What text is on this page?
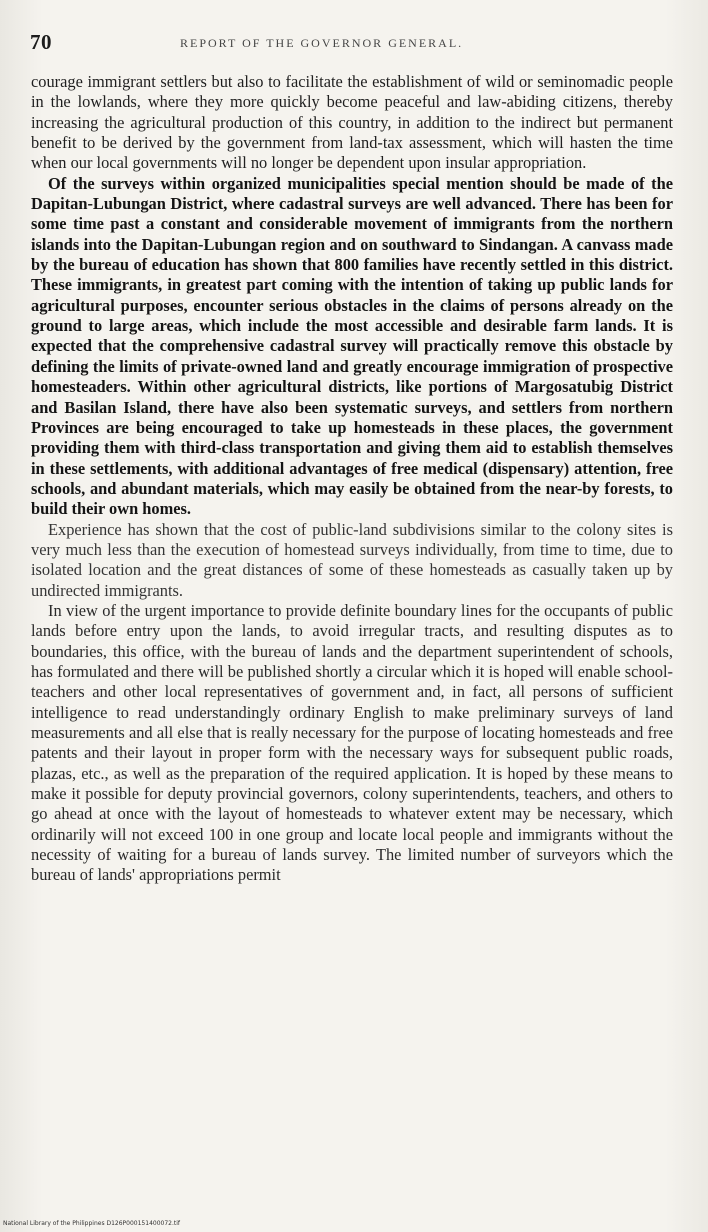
70	REPORT OF THE GOVERNOR GENERAL.

courage immigrant settlers but also to facilitate the establishment of wild or seminomadic people in the lowlands, where they more quickly become peaceful and law-abiding citizens, thereby increasing the agricultural production of this country, in addition to the indirect but permanent benefit to be derived by the government from land-tax assessment, which will hasten the time when our local governments will no longer be dependent upon insular appropriation.

Of the surveys within organized municipalities special mention should be made of the Dapitan-Lubungan District, where cadastral surveys are well advanced. There has been for some time past a constant and considerable movement of immigrants from the northern islands into the Dapitan-Lubungan region and on southward to Sindangan. A canvass made by the bureau of education has shown that 800 families have recently settled in this district. These immigrants, in greatest part coming with the intention of taking up public lands for agricultural purposes, encounter serious obstacles in the claims of persons already on the ground to large areas, which include the most accessible and desirable farm lands. It is expected that the comprehensive cadastral survey will practically remove this obstacle by defining the limits of private-owned land and greatly encourage immigration of prospective homesteaders. Within other agricultural districts, like portions of Margosatubig District and Basilan Island, there have also been systematic surveys, and settlers from northern Provinces are being encouraged to take up homesteads in these places, the government providing them with third-class transportation and giving them aid to establish themselves in these settlements, with additional advantages of free medical (dispensary) attention, free schools, and abundant materials, which may easily be obtained from the near-by forests, to build their own homes.

Experience has shown that the cost of public-land subdivisions similar to the colony sites is very much less than the execution of homestead surveys individually, from time to time, due to isolated location and the great distances of some of these homesteads as casually taken up by undirected immigrants.

In view of the urgent importance to provide definite boundary lines for the occupants of public lands before entry upon the lands, to avoid irregular tracts, and resulting disputes as to boundaries, this office, with the bureau of lands and the department superintendent of schools, has formulated and there will be published shortly a circular which it is hoped will enable school-teachers and other local representatives of government and, in fact, all persons of sufficient intelligence to read understandingly ordinary English to make preliminary surveys of land measurements and all else that is really necessary for the purpose of locating homesteads and free patents and their layout in proper form with the necessary ways for subsequent public roads, plazas, etc., as well as the preparation of the required application. It is hoped by these means to make it possible for deputy provincial governors, colony superintendents, teachers, and others to go ahead at once with the layout of homesteads to whatever extent may be necessary, which ordinarily will not exceed 100 in one group and locate local people and immigrants without the necessity of waiting for a bureau of lands survey. The limited number of surveyors which the bureau of lands' appropriations permit

National Library of the Philippines D126P000151400072.tif
